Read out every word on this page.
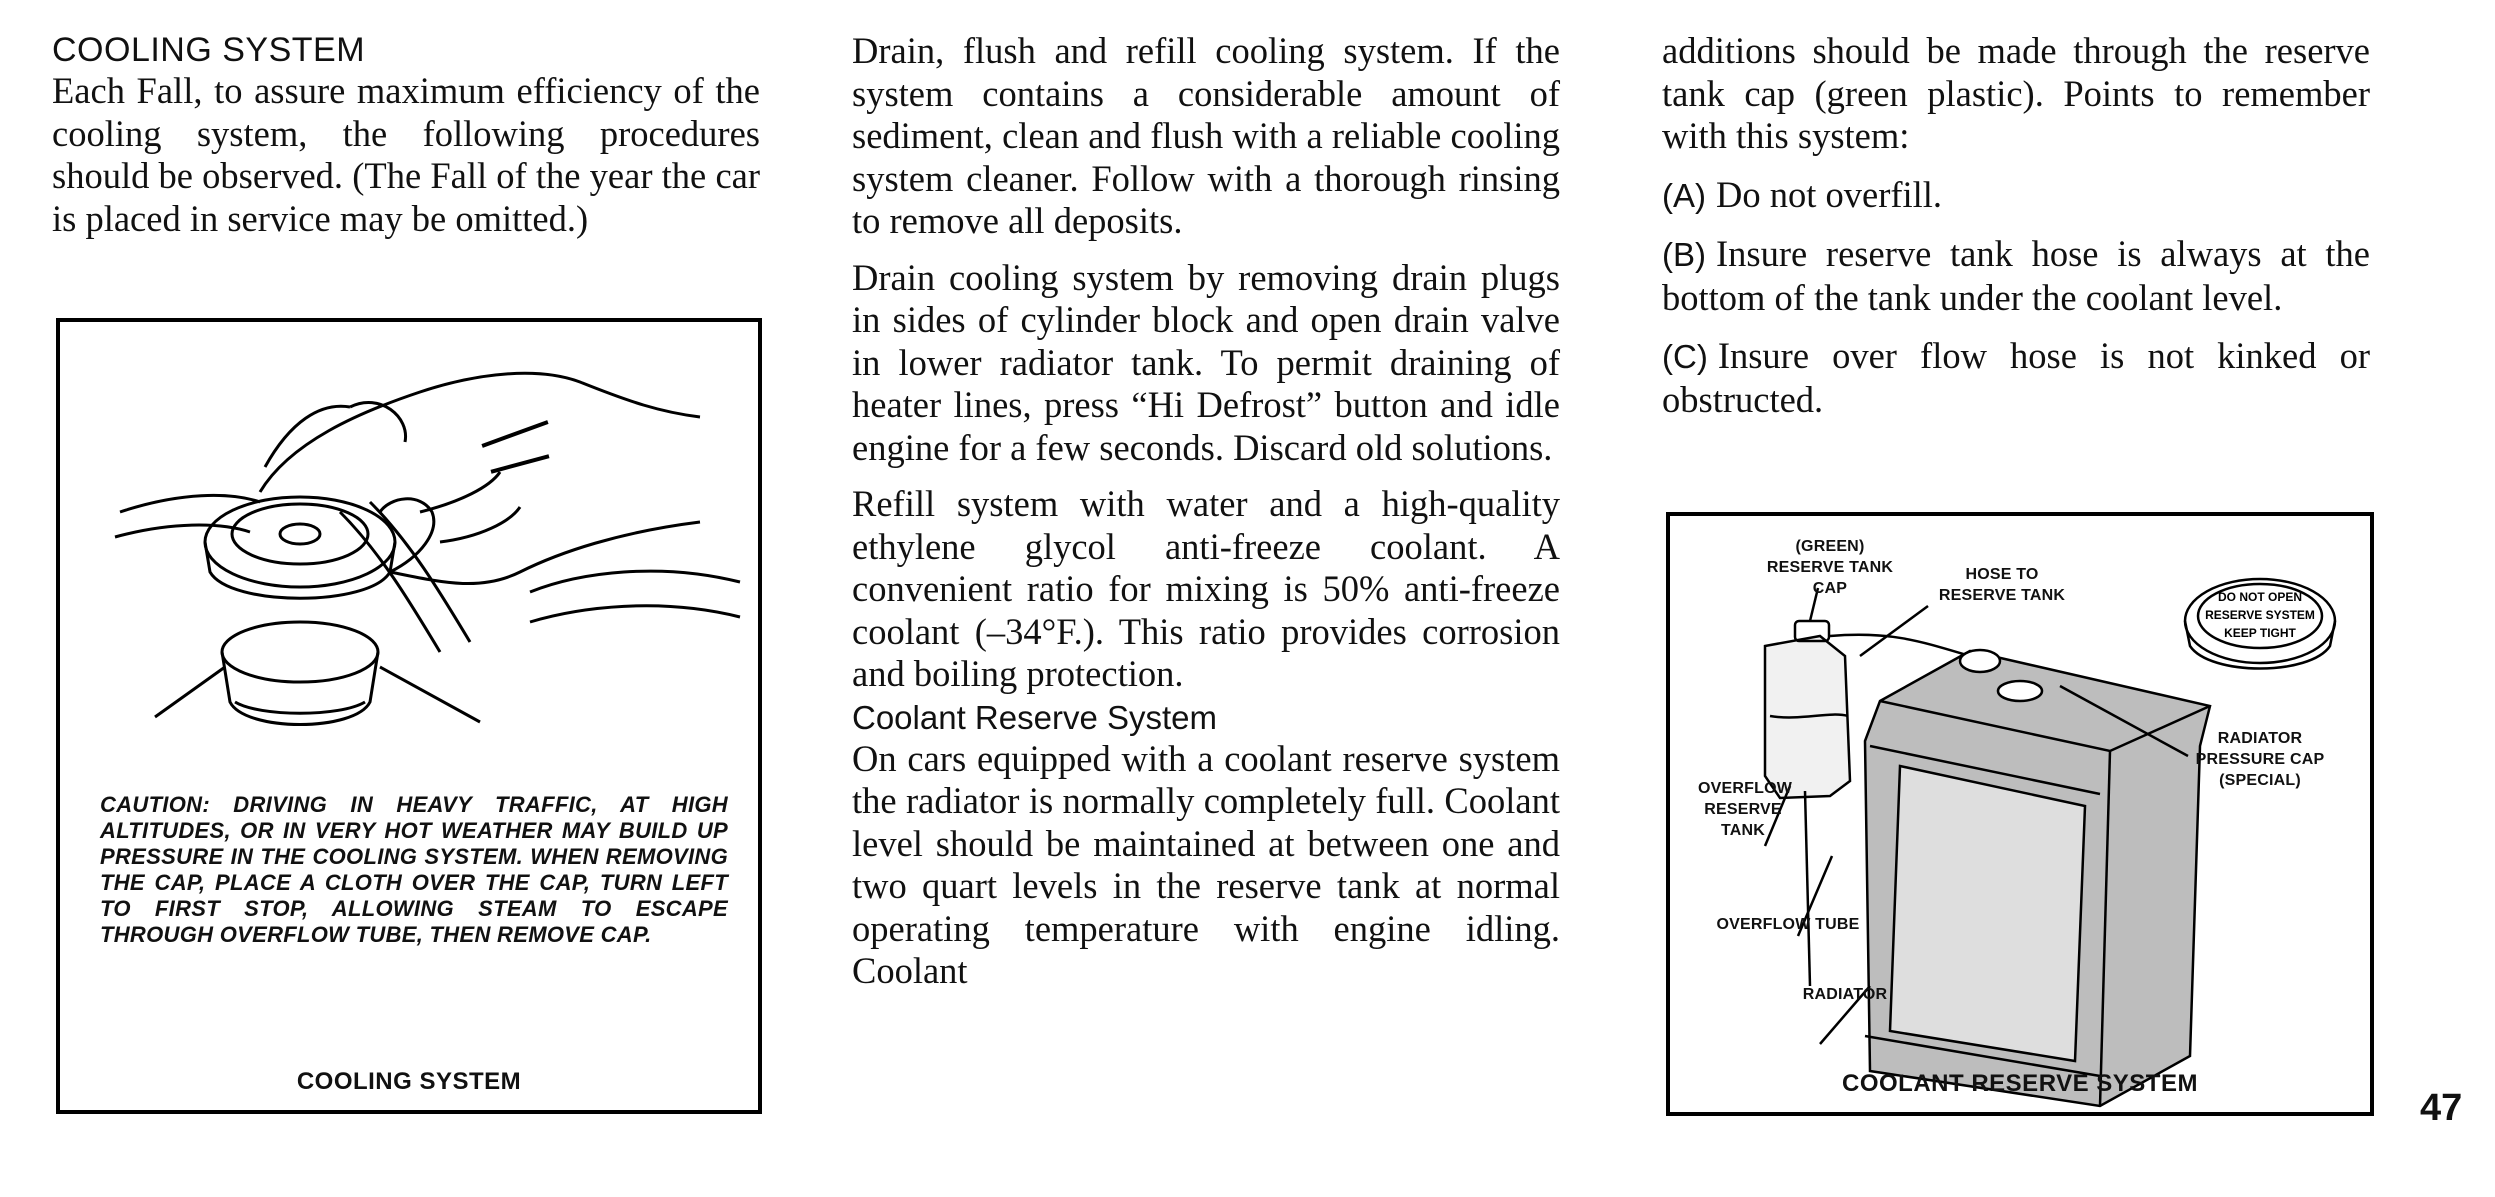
COOLING SYSTEM

Each Fall, to assure maximum efficiency of the cooling system, the following procedures should be observed. (The Fall of the year the car is placed in service may be omitted.)

CAUTION: DRIVING IN HEAVY TRAFFIC, AT HIGH ALTITUDES, OR IN VERY HOT WEATHER MAY BUILD UP PRESSURE IN THE COOLING SYSTEM. WHEN REMOVING THE CAP, PLACE A CLOTH OVER THE CAP, TURN LEFT TO FIRST STOP, ALLOWING STEAM TO ESCAPE THROUGH OVERFLOW TUBE, THEN REMOVE CAP.
COOLING SYSTEM

Drain, flush and refill cooling system. If the system contains a considerable amount of sediment, clean and flush with a reliable cooling system cleaner. Follow with a thorough rinsing to remove all deposits.

Drain cooling system by removing drain plugs in sides of cylinder block and open drain valve in lower radiator tank. To permit draining of heater lines, press “Hi Defrost” button and idle engine for a few seconds. Discard old solutions.

Refill system with water and a high-quality ethylene glycol anti-freeze coolant. A convenient ratio for mixing is 50% anti-freeze coolant (–34°F.). This ratio provides corrosion and boiling protection.

Coolant Reserve System

On cars equipped with a coolant reserve system the radiator is normally completely full. Coolant level should be maintained at between one and two quart levels in the reserve tank at normal operating temperature with engine idling. Coolant

additions should be made through the reserve tank cap (green plastic). Points to remember with this system:

(A) Do not overfill.

(B) Insure reserve tank hose is always at the bottom of the tank under the coolant level.

(C) Insure over flow hose is not kinked or obstructed.

DO NOT OPEN
RESERVE SYSTEM
KEEP TIGHT
(GREEN) RESERVE TANK CAP
HOSE TO RESERVE TANK
RADIATOR PRESSURE CAP (SPECIAL)
OVERFLOW RESERVE TANK
OVERFLOW TUBE
RADIATOR
COOLANT RESERVE SYSTEM
47
